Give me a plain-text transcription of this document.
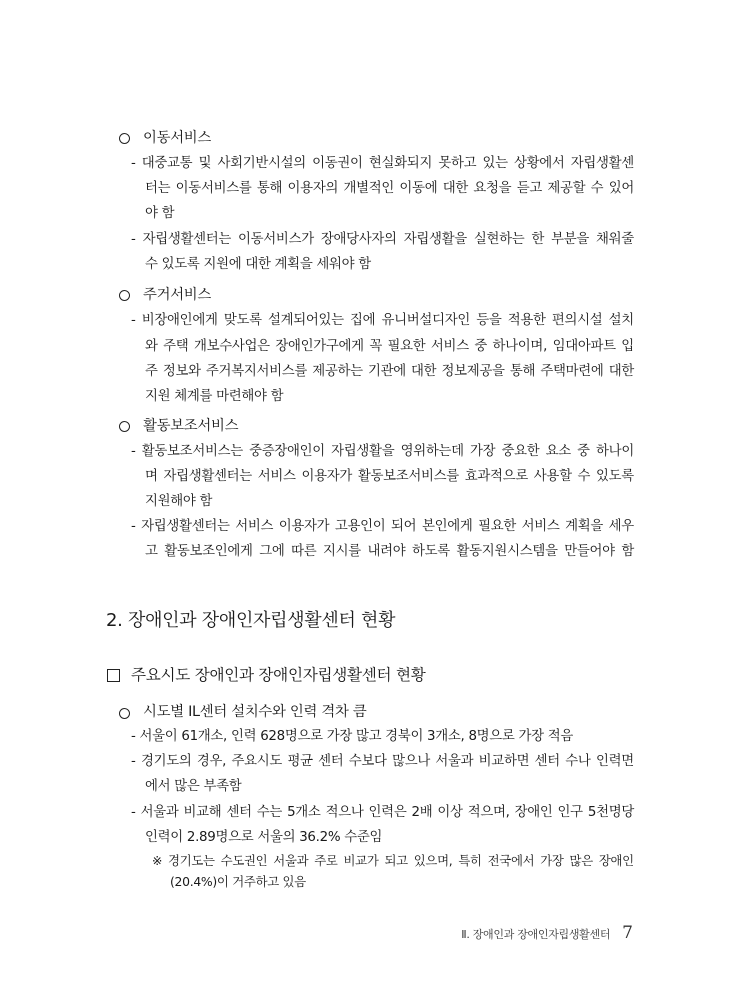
이동서비스
- 대중교통 및 사회기반시설의 이동권이 현실화되지 못하고 있는 상황에서 자립생활센
터는 이동서비스를 통해 이용자의 개별적인 이동에 대한 요청을 듣고 제공할 수 있어
야 함
- 자립생활센터는 이동서비스가 장애당사자의 자립생활을 실현하는 한 부분을 채워줄
수 있도록 지원에 대한 계획을 세워야 함
주거서비스
- 비장애인에게 맞도록 설계되어있는 집에 유니버설디자인 등을 적용한 편의시설 설치
와 주택 개보수사업은 장애인가구에게 꼭 필요한 서비스 중 하나이며, 임대아파트 입
주 정보와 주거복지서비스를 제공하는 기관에 대한 정보제공을 통해 주택마련에 대한
지원 체계를 마련해야 함
활동보조서비스
- 활동보조서비스는 중증장애인이 자립생활을 영위하는데 가장 중요한 요소 중 하나이
며 자립생활센터는 서비스 이용자가 활동보조서비스를 효과적으로 사용할 수 있도록
지원해야 함
- 자립생활센터는 서비스 이용자가 고용인이 되어 본인에게 필요한 서비스 계획을 세우
고 활동보조인에게 그에 따른 지시를 내려야 하도록 활동지원시스템을 만들어야 함
2. 장애인과 장애인자립생활센터 현황
주요시도 장애인과 장애인자립생활센터 현황
시도별 IL센터 설치수와 인력 격차 큼
- 서울이 61개소, 인력 628명으로 가장 많고 경북이 3개소, 8명으로 가장 적음
- 경기도의 경우, 주요시도 평균 센터 수보다 많으나 서울과 비교하면 센터 수나 인력면
에서 많은 부족함
- 서울과 비교해 센터 수는 5개소 적으나 인력은 2배 이상 적으며, 장애인 인구 5천명당
인력이 2.89명으로 서울의 36.2% 수준임
※ 경기도는 수도권인 서울과 주로 비교가 되고 있으며, 특히 전국에서 가장 많은 장애인
(20.4%)이 거주하고 있음
Ⅱ. 장애인과 장애인자립생활센터 7
